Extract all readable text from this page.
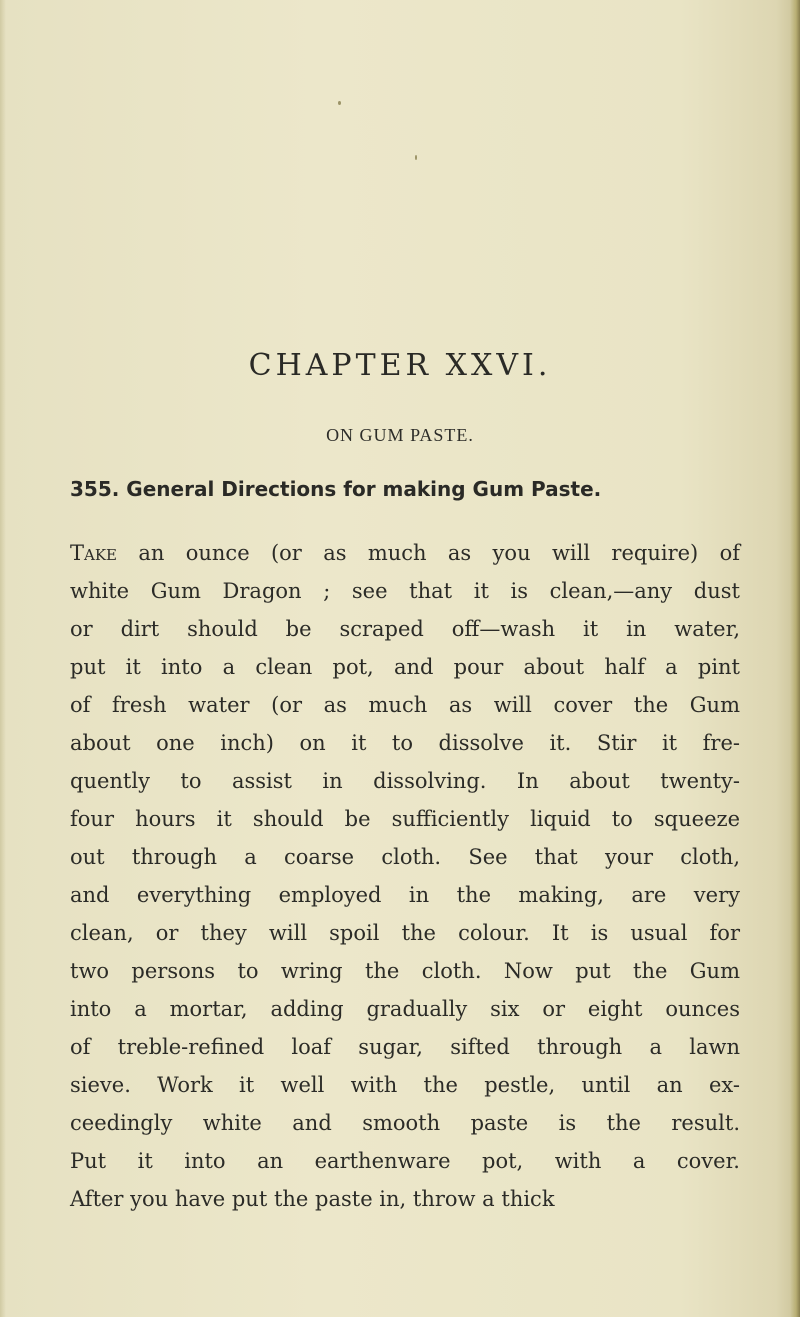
CHAPTER XXVI.
ON GUM PASTE.
355. General Directions for making Gum Paste.
Take an ounce (or as much as you will require) of
white Gum Dragon ; see that it is clean,—any dust
or dirt should be scraped off—wash it in water,
put it into a clean pot, and pour about half a pint
of fresh water (or as much as will cover the Gum
about one inch) on it to dissolve it. Stir it fre-
quently to assist in dissolving. In about twenty-
four hours it should be sufficiently liquid to squeeze
out through a coarse cloth. See that your cloth,
and everything employed in the making, are very
clean, or they will spoil the colour. It is usual for
two persons to wring the cloth. Now put the Gum
into a mortar, adding gradually six or eight ounces
of treble-refined loaf sugar, sifted through a lawn
sieve. Work it well with the pestle, until an ex-
ceedingly white and smooth paste is the result.
Put it into an earthenware pot, with a cover.
After you have put the paste in, throw a thick
